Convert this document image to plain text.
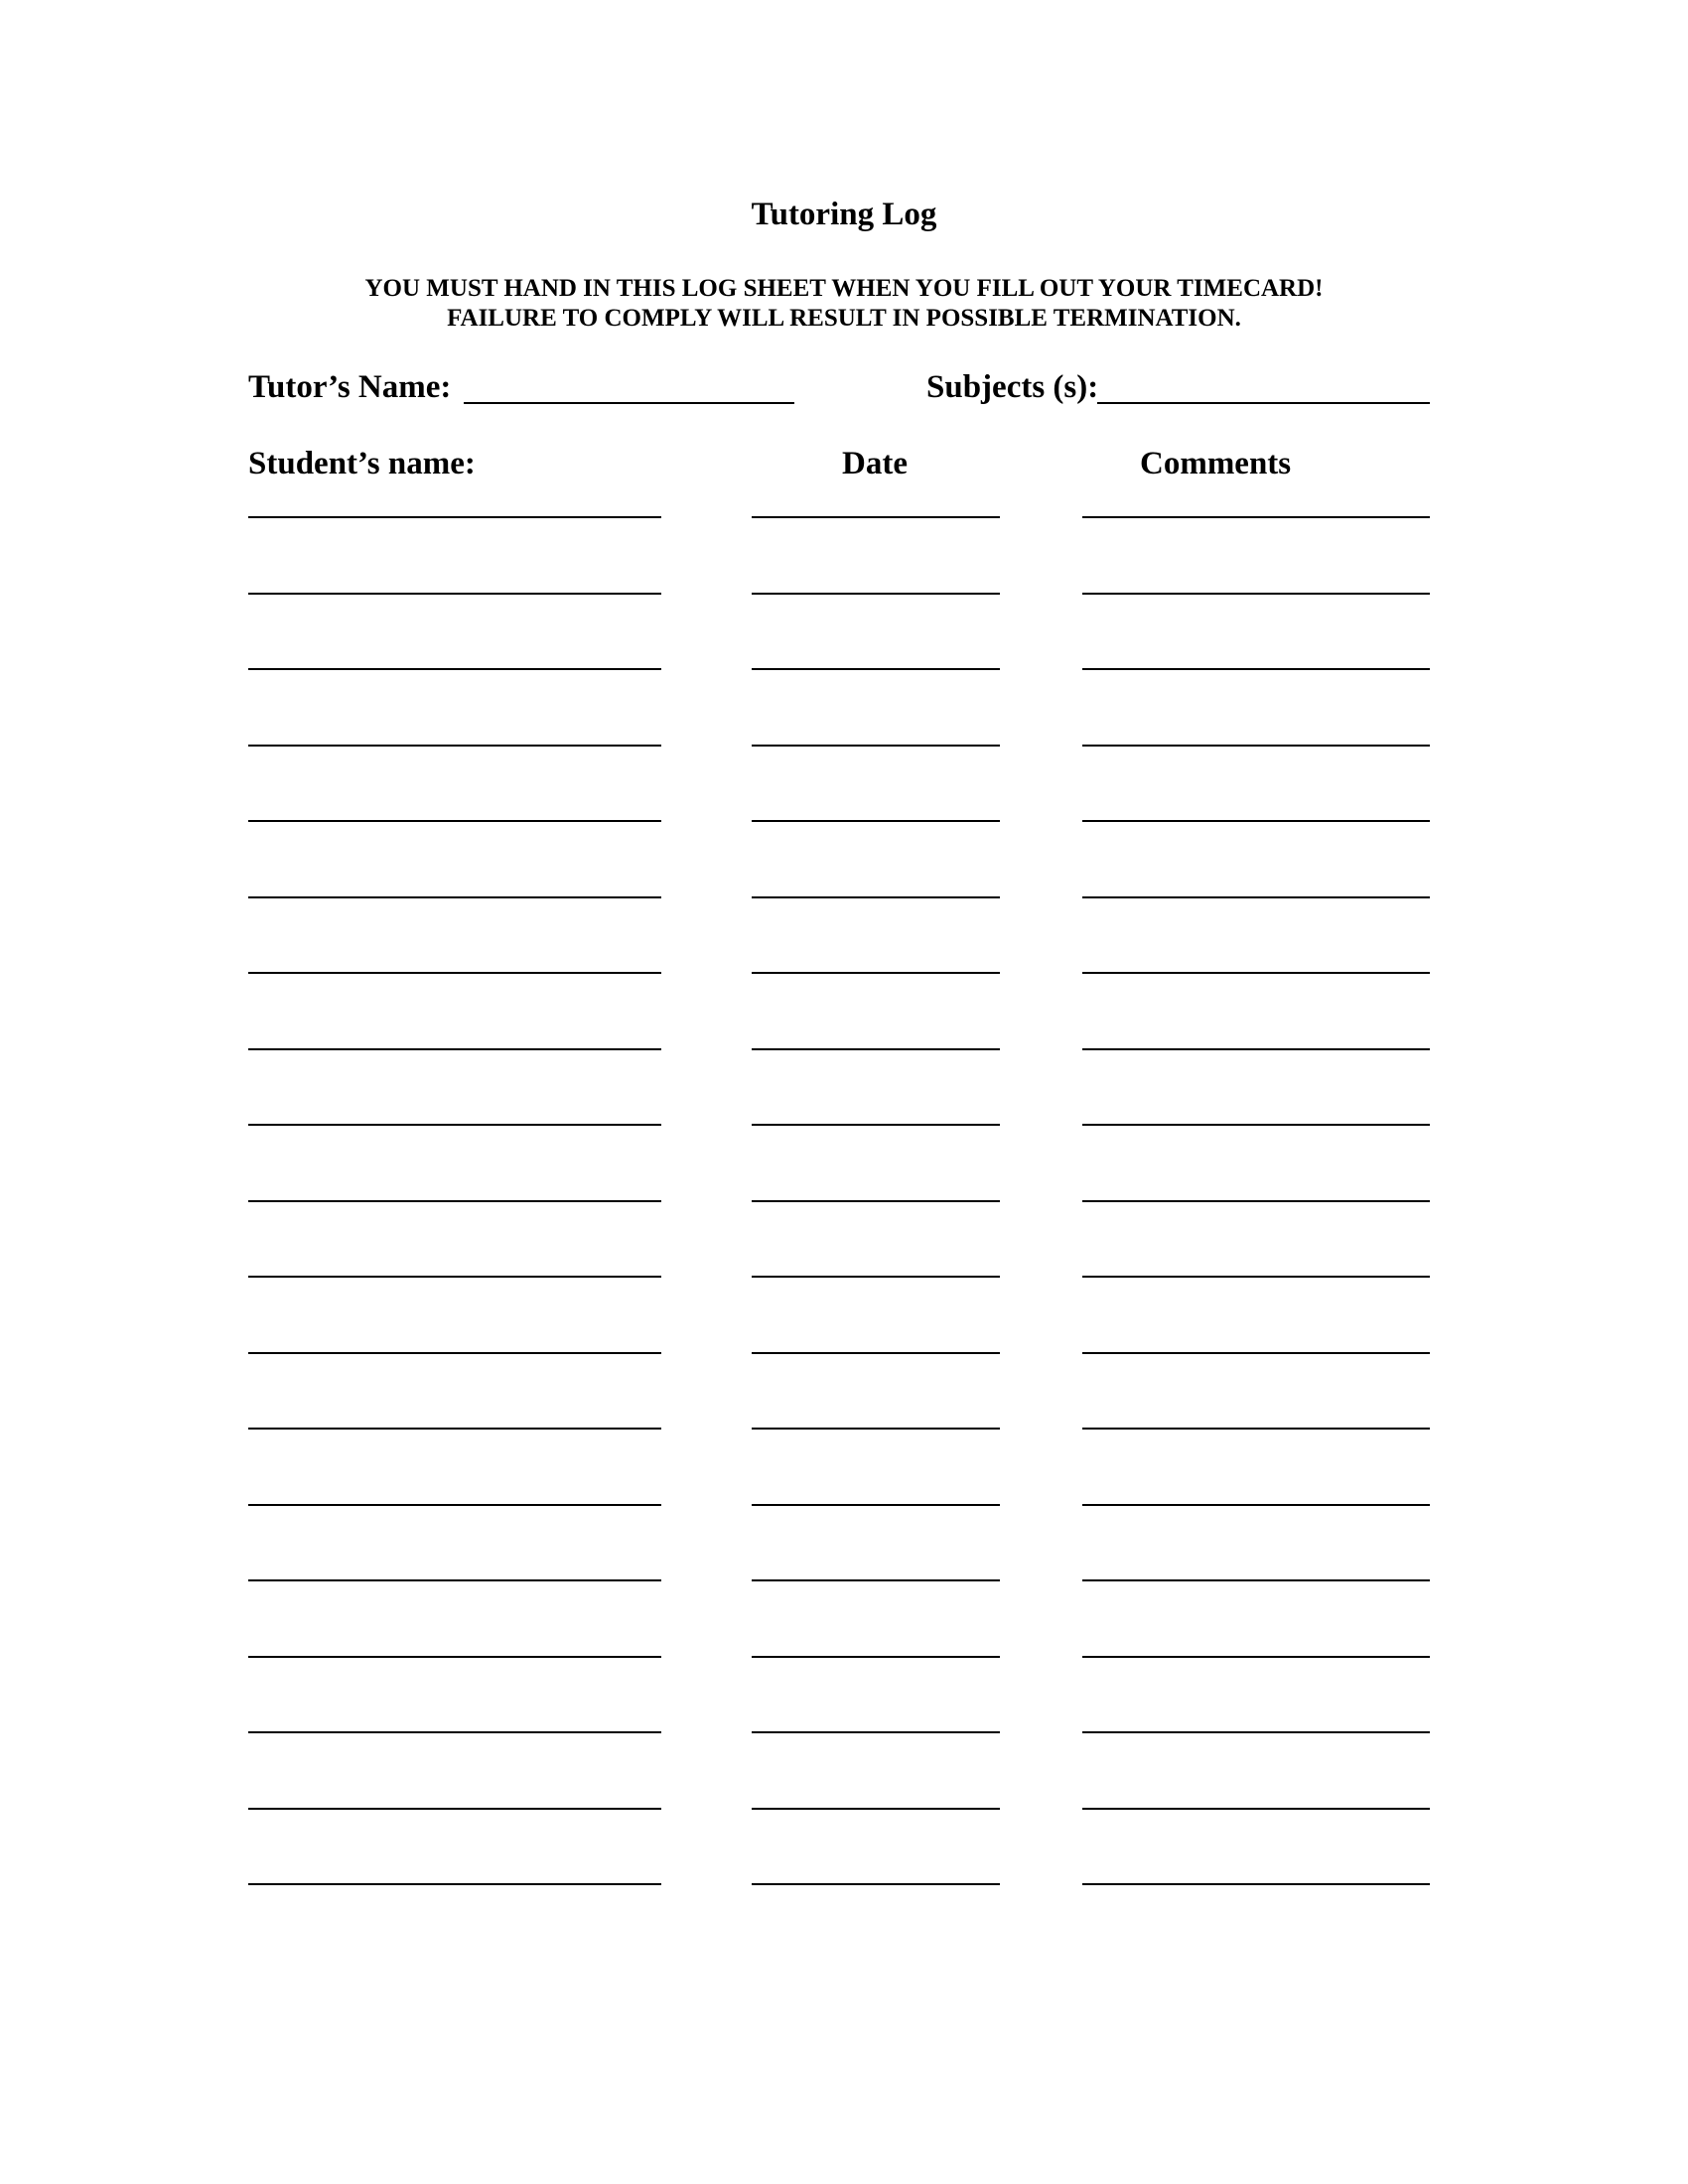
Tutoring Log
YOU MUST HAND IN THIS LOG SHEET WHEN YOU FILL OUT YOUR TIMECARD!
FAILURE TO COMPLY WILL RESULT IN POSSIBLE TERMINATION.
Tutor’s Name:	Subjects (s):
Student’s name:	Date	Comments
